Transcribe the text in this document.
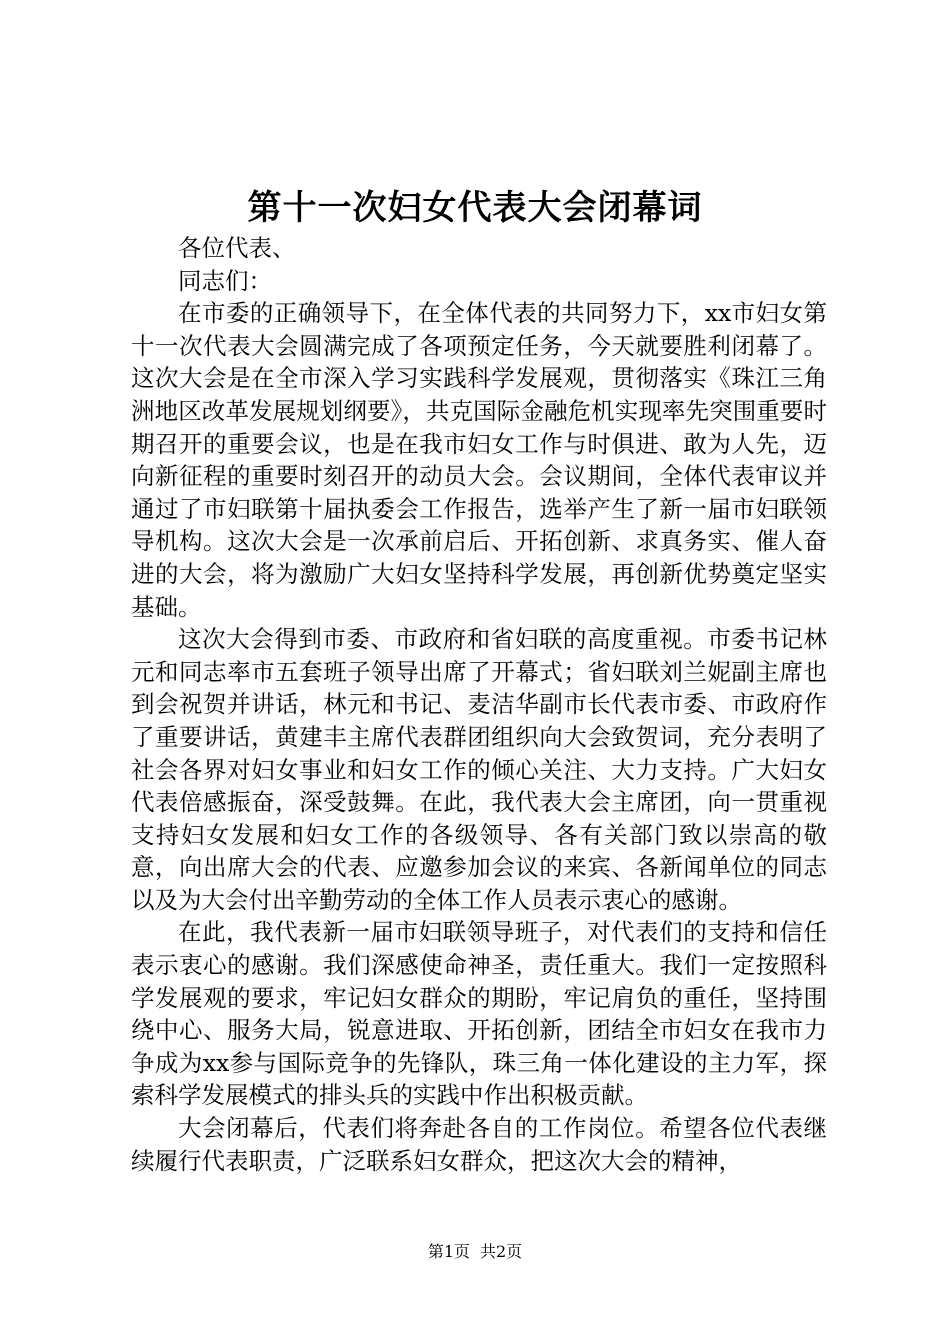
第十一次妇女代表大会闭幕词

各位代表、

同志们：

在市委的正确领导下，在全体代表的共同努力下，xx市妇女第十一次代表大会圆满完成了各项预定任务，今天就要胜利闭幕了。这次大会是在全市深入学习实践科学发展观，贯彻落实《珠江三角洲地区改革发展规划纲要》，共克国际金融危机实现率先突围重要时期召开的重要会议，也是在我市妇女工作与时俱进、敢为人先，迈向新征程的重要时刻召开的动员大会。会议期间，全体代表审议并通过了市妇联第十届执委会工作报告，选举产生了新一届市妇联领导机构。这次大会是一次承前启后、开拓创新、求真务实、催人奋进的大会，将为激励广大妇女坚持科学发展，再创新优势奠定坚实基础。

这次大会得到市委、市政府和省妇联的高度重视。市委书记林元和同志率市五套班子领导出席了开幕式；省妇联刘兰妮副主席也到会祝贺并讲话，林元和书记、麦洁华副市长代表市委、市政府作了重要讲话，黄建丰主席代表群团组织向大会致贺词，充分表明了社会各界对妇女事业和妇女工作的倾心关注、大力支持。广大妇女代表倍感振奋，深受鼓舞。在此，我代表大会主席团，向一贯重视支持妇女发展和妇女工作的各级领导、各有关部门致以崇高的敬意，向出席大会的代表、应邀参加会议的来宾、各新闻单位的同志以及为大会付出辛勤劳动的全体工作人员表示衷心的感谢。

在此，我代表新一届市妇联领导班子，对代表们的支持和信任表示衷心的感谢。我们深感使命神圣，责任重大。我们一定按照科学发展观的要求，牢记妇女群众的期盼，牢记肩负的重任，坚持围绕中心、服务大局，锐意进取、开拓创新，团结全市妇女在我市力争成为xx参与国际竞争的先锋队，珠三角一体化建设的主力军，探索科学发展模式的排头兵的实践中作出积极贡献。

大会闭幕后，代表们将奔赴各自的工作岗位。希望各位代表继续履行代表职责，广泛联系妇女群众，把这次大会的精神，

第1页 共2页
